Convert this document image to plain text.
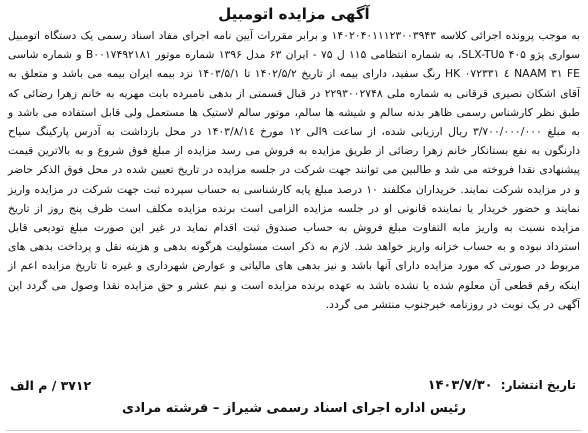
آگهی مزایده اتومبیل

به موجب پرونده اجرائی کلاسه ۱۴۰۲۰۴۰۱۱۱۲۳۰۰۳۹۴۳ و برابر مقررات آیین نامه اجرای مفاد اسناد رسمی یک دستگاه اتومبیل سواری پژو SLX-TU۵ ۴۰۵، به شماره انتظامی ۱۱۵ ل ۷۵ - ایران ۶۳ مدل ۱۳۹۶ شماره موتور B۰۰۱۷۴۹۲۱۸۱ و شماره شاسی NAAM ۳۱ FE ٤ HK ۰۷۲۳۳۱ رنگ سفید، دارای بیمه از تاریخ ۱۴۰۲/۵/۲ تا ۱۴۰۳/۵/۱ نزد بیمه ایران بیمه می باشد و متعلق به آقای اشکان نصیری قرقانی به شماره ملی ۲۲۹۳۰۰۲۷۴۸ در قبال قسمتی از بدهی نامبرده بابت مهریه به خانم زهرا رضائی که طبق نظر کارشناس رسمی ظاهر بدنه سالم و شیشه ها سالم، موتور سالم لاستیک ها مستعمل ولی قابل استفاده می باشد و به مبلغ ۳/۷۰۰/۰۰۰/۰۰۰ ریال ارزیابی شده، از ساعت ۹الی ۱۲ مورخ ۱۴۰۳/۸/۱٤ در محل بازداشت به آدرس پارکینگ سیاح دارنگون به نفع بستانکار خانم زهرا رضائی از طریق مزایده به فروش می رسد مزایده از مبلغ فوق شروع و به بالاترین قیمت پیشنهادی نقدا فروخته می شد و طالبین می توانند جهت شرکت در جلسه مزایده در تاریخ تعیین شده در محل فوق الذکر حاضر و در مزایده شرکت نمایند. خریداران مکلفند ۱۰ درصد مبلغ پایه کارشناسی به حساب سپرده ثبت جهت شرکت در مزایده واریز نمایند و حضور خریدار یا نماینده قانونی او در جلسه مزایده الزامی است برنده مزایده مکلف است ظرف پنج روز از تاریخ مزایده نسبت به واریز مابه التفاوت مبلغ فروش به حساب صندوق ثبت اقدام نماید در غیر این صورت مبلغ تودیعی قابل استرداد نبوده و به حساب خزانه واریز خواهد شد. لازم به ذکر است مسئولیت هرگونه بدهی و هزینه نقل و پرداخت بدهی های مربوط در صورتی که مورد مزایده دارای آنها باشد و نیز بدهی های مالیاتی و عوارض شهرداری و غیره تا تاریخ مزایده اعم از اینکه رقم قطعی آن معلوم شده یا نشده باشد به عهده برنده مزایده است و نیم عشر و حق مزایده نقدا وصول می گردد این آگهی در یک نوبت در روزنامه خبرجنوب منتشر می گردد.

تاریخ انتشار: ۱۴۰۳/۷/۳۰
۳۷۱۲ / م الف
رئیس اداره اجرای اسناد رسمی شیراز – فرشته مرادی
